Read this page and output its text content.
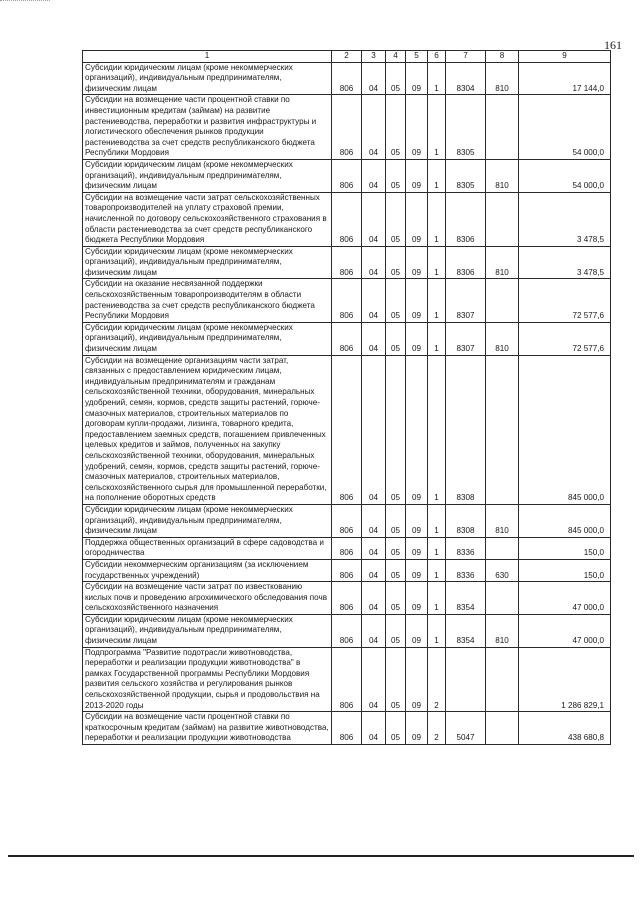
161
1	2	3	4	5	6	7	8	9
Субсидии юридическим лицам (кроме некоммерческих организаций), индивидуальным предпринимателям, физическим лицам	806	04	05	09	1	8304	810	17 144,0
Субсидии на возмещение части процентной ставки по инвестиционным кредитам (займам) на развитие растениеводства, переработки и развития инфраструктуры и логистического обеспечения рынков продукции растениеводства за счет средств республиканского бюджета Республики Мордовия	806	04	05	09	1	8305		54 000,0
Субсидии юридическим лицам (кроме некоммерческих организаций), индивидуальным предпринимателям, физическим лицам	806	04	05	09	1	8305	810	54 000,0
Субсидии на возмещение части затрат сельскохозяйственных товаропроизводителей на уплату страховой премии, начисленной по договору сельскохозяйственного страхования в области растениеводства за счет средств республиканского бюджета Республики Мордовия	806	04	05	09	1	8306		3 478,5
Субсидии юридическим лицам (кроме некоммерческих организаций), индивидуальным предпринимателям, физическим лицам	806	04	05	09	1	8306	810	3 478,5
Субсидии на оказание несвязанной поддержки сельскохозяйственным товаропроизводителям в области растениеводства за счет средств республиканского бюджета Республики Мордовия	806	04	05	09	1	8307		72 577,6
Субсидии юридическим лицам (кроме некоммерческих организаций), индивидуальным предпринимателям, физическим лицам	806	04	05	09	1	8307	810	72 577,6
Субсидии на возмещение организациям части затрат, связанных с предоставлением юридическим лицам, индивидуальным предпринимателям и гражданам сельскохозяйственной техники, оборудования, минеральных удобрений, семян, кормов, средств защиты растений, горюче-смазочных материалов, строительных материалов по договорам купли-продажи, лизинга, товарного кредита, предоставлением заемных средств, погашением привлеченных целевых кредитов и займов, полученных на закупку сельскохозяйственной техники, оборудования, минеральных удобрений, семян, кормов, средств защиты растений, горюче-смазочных материалов, строительных материалов, сельскохозяйственного сырья для промышленной переработки, на пополнение оборотных средств	806	04	05	09	1	8308		845 000,0
Субсидии юридическим лицам (кроме некоммерческих организаций), индивидуальным предпринимателям, физическим лицам	806	04	05	09	1	8308	810	845 000,0
Поддержка общественных организаций в сфере садоводства и огородничества	806	04	05	09	1	8336		150,0
Субсидии некоммерческим организациям (за исключением государственных учреждений)	806	04	05	09	1	8336	630	150,0
Субсидии на возмещение части затрат по известкованию кислых почв и проведению агрохимического обследования почв сельскохозяйственного назначения	806	04	05	09	1	8354		47 000,0
Субсидии юридическим лицам (кроме некоммерческих организаций), индивидуальным предпринимателям, физическим лицам	806	04	05	09	1	8354	810	47 000,0
Подпрограмма "Развитие подотрасли животноводства, переработки и реализации продукции животноводства" в рамках Государственной программы Республики Мордовия развития сельского хозяйства и регулирования рынков сельскохозяйственной продукции, сырья и продовольствия на 2013-2020 годы	806	04	05	09	2			1 286 829,1
Субсидии на возмещение части процентной ставки по краткосрочным кредитам (займам) на развитие животноводства, переработки и реализации продукции животноводства	806	04	05	09	2	5047		438 680,8
